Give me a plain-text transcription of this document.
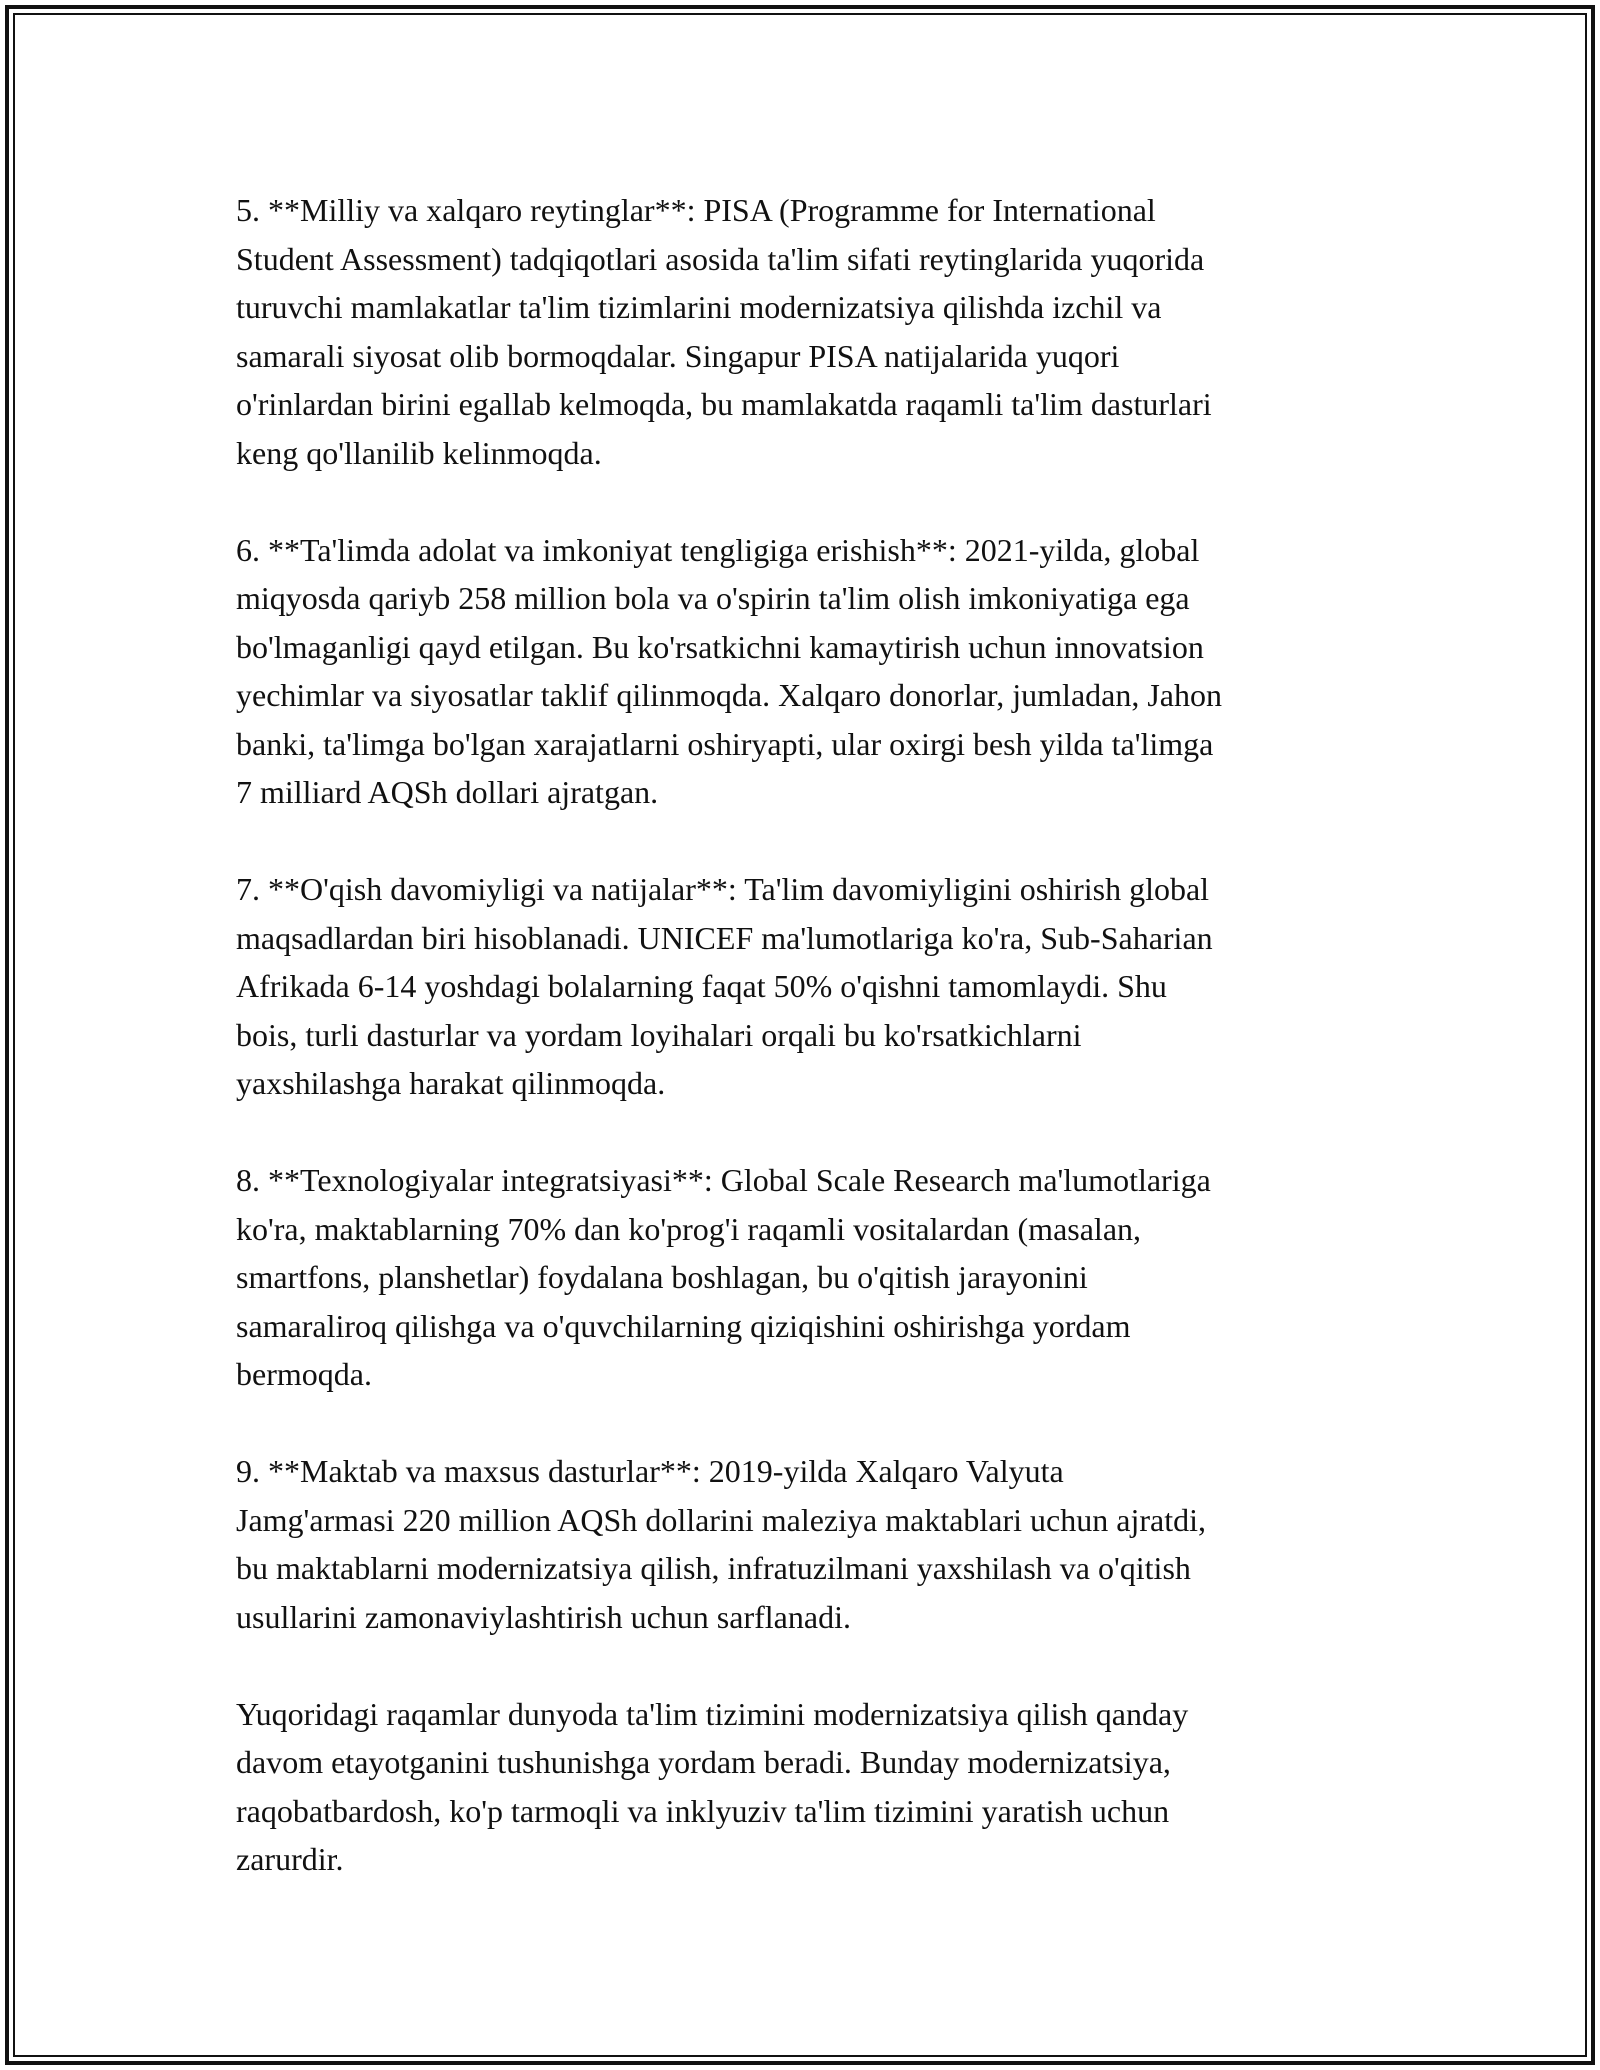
5. **Milliy va xalqaro reytinglar**: PISA (Programme for International
Student Assessment) tadqiqotlari asosida ta'lim sifati reytinglarida yuqorida
turuvchi mamlakatlar ta'lim tizimlarini modernizatsiya qilishda izchil va
samarali siyosat olib bormoqdalar. Singapur PISA natijalarida yuqori
o'rinlardan birini egallab kelmoqda, bu mamlakatda raqamli ta'lim dasturlari
keng qo'llanilib kelinmoqda.

6. **Ta'limda adolat va imkoniyat tengligiga erishish**: 2021-yilda, global
miqyosda qariyb 258 million bola va o'spirin ta'lim olish imkoniyatiga ega
bo'lmaganligi qayd etilgan. Bu ko'rsatkichni kamaytirish uchun innovatsion
yechimlar va siyosatlar taklif qilinmoqda. Xalqaro donorlar, jumladan, Jahon
banki, ta'limga bo'lgan xarajatlarni oshiryapti, ular oxirgi besh yilda ta'limga
7 milliard AQSh dollari ajratgan.

7. **O'qish davomiyligi va natijalar**: Ta'lim davomiyligini oshirish global
maqsadlardan biri hisoblanadi. UNICEF ma'lumotlariga ko'ra, Sub-Saharian
Afrikada 6-14 yoshdagi bolalarning faqat 50% o'qishni tamomlaydi. Shu
bois, turli dasturlar va yordam loyihalari orqali bu ko'rsatkichlarni
yaxshilashga harakat qilinmoqda.

8. **Texnologiyalar integratsiyasi**: Global Scale Research ma'lumotlariga
ko'ra, maktablarning 70% dan ko'prog'i raqamli vositalardan (masalan,
smartfons, planshetlar) foydalana boshlagan, bu o'qitish jarayonini
samaraliroq qilishga va o'quvchilarning qiziqishini oshirishga yordam
bermoqda.

9. **Maktab va maxsus dasturlar**: 2019-yilda Xalqaro Valyuta
Jamg'armasi 220 million AQSh dollarini maleziya maktablari uchun ajratdi,
bu maktablarni modernizatsiya qilish, infratuzilmani yaxshilash va o'qitish
usullarini zamonaviylashtirish uchun sarflanadi.

Yuqoridagi raqamlar dunyoda ta'lim tizimini modernizatsiya qilish qanday
davom etayotganini tushunishga yordam beradi. Bunday modernizatsiya,
raqobatbardosh, ko'p tarmoqli va inklyuziv ta'lim tizimini yaratish uchun
zarurdir.
